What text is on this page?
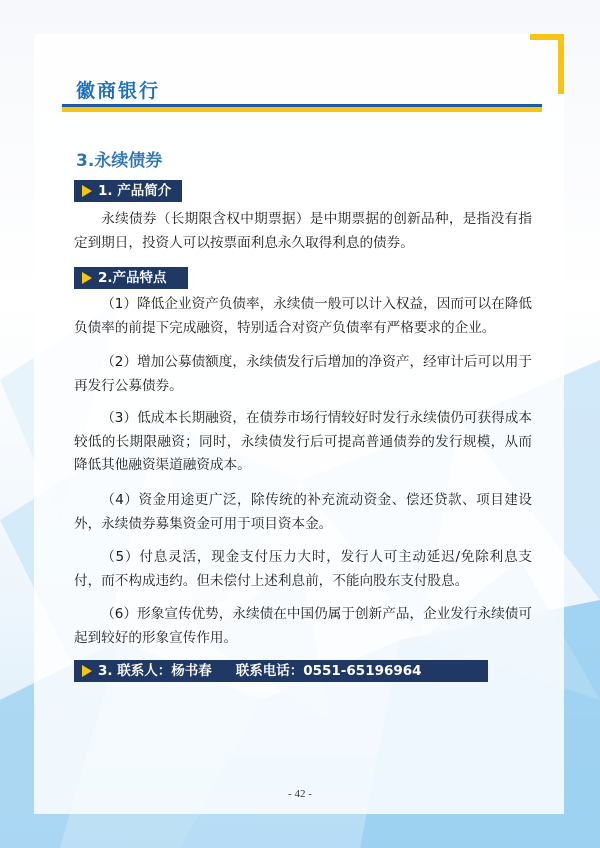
徽商银行
3.永续债券
1. 产品简介

永续债券（长期限含权中期票据）是中期票据的创新品种，是指没有指定到期日，投资人可以按票面利息永久取得利息的债券。

2.产品特点

（1）降低企业资产负债率，永续债一般可以计入权益，因而可以在降低负债率的前提下完成融资，特别适合对资产负债率有严格要求的企业。

（2）增加公募债额度，永续债发行后增加的净资产，经审计后可以用于再发行公募债券。

（3）低成本长期融资，在债券市场行情较好时发行永续债仍可获得成本较低的长期限融资；同时，永续债发行后可提高普通债券的发行规模，从而降低其他融资渠道融资成本。

（4）资金用途更广泛，除传统的补充流动资金、偿还贷款、项目建设外，永续债券募集资金可用于项目资本金。

（5）付息灵活，现金支付压力大时，发行人可主动延迟/免除利息支付，而不构成违约。但未偿付上述利息前，不能向股东支付股息。

（6）形象宣传优势，永续债在中国仍属于创新产品，企业发行永续债可起到较好的形象宣传作用。

3. 联系人：杨书春 联系电话：0551-65196964
- 42 -
